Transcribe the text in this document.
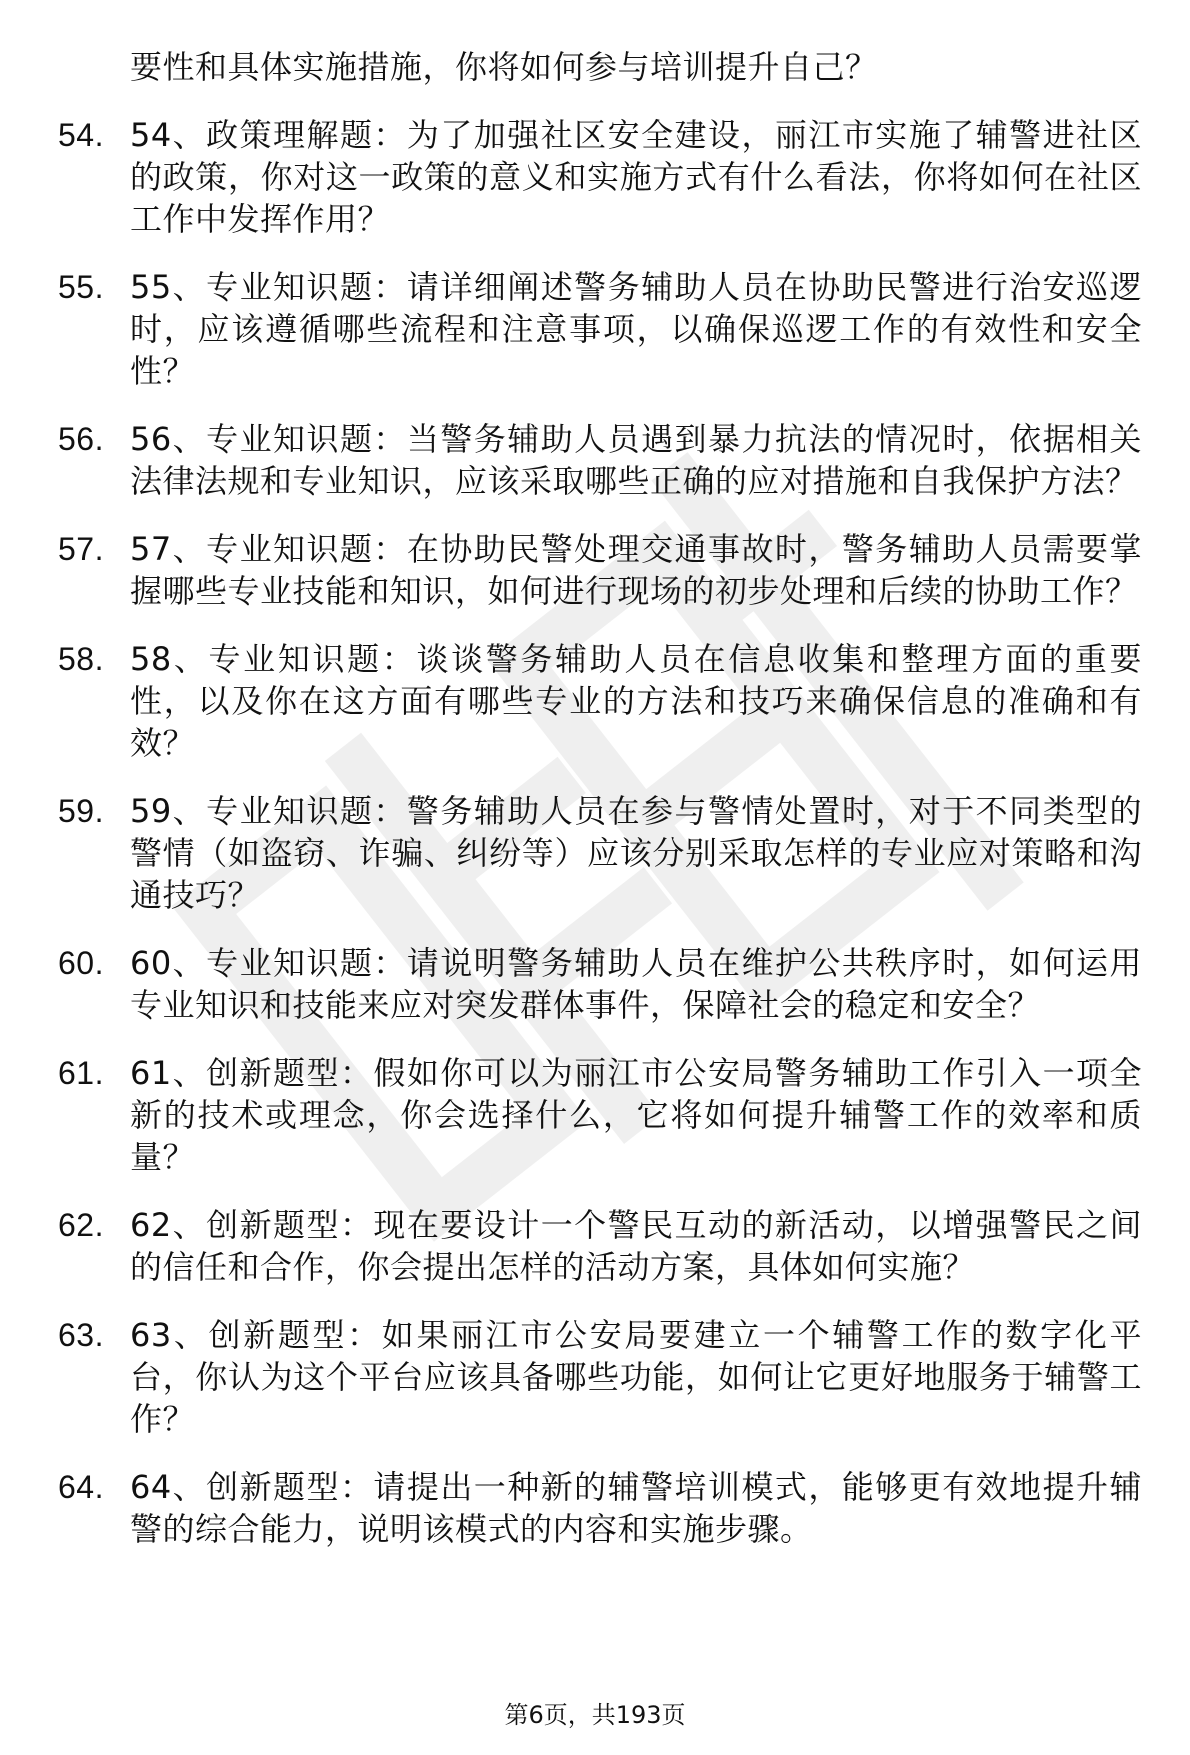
要性和具体实施措施，你将如何参与培训提升自己？

54. 54、政策理解题：为了加强社区安全建设，丽江市实施了辅警进社区的政策，你对这一政策的意义和实施方式有什么看法，你将如何在社区工作中发挥作用？
55. 55、专业知识题：请详细阐述警务辅助人员在协助民警进行治安巡逻时，应该遵循哪些流程和注意事项，以确保巡逻工作的有效性和安全性？
56. 56、专业知识题：当警务辅助人员遇到暴力抗法的情况时，依据相关法律法规和专业知识，应该采取哪些正确的应对措施和自我保护方法？
57. 57、专业知识题：在协助民警处理交通事故时，警务辅助人员需要掌握哪些专业技能和知识，如何进行现场的初步处理和后续的协助工作？
58. 58、专业知识题：谈谈警务辅助人员在信息收集和整理方面的重要性，以及你在这方面有哪些专业的方法和技巧来确保信息的准确和有效？
59. 59、专业知识题：警务辅助人员在参与警情处置时，对于不同类型的警情（如盗窃、诈骗、纠纷等）应该分别采取怎样的专业应对策略和沟通技巧？
60. 60、专业知识题：请说明警务辅助人员在维护公共秩序时，如何运用专业知识和技能来应对突发群体事件，保障社会的稳定和安全？
61. 61、创新题型：假如你可以为丽江市公安局警务辅助工作引入一项全新的技术或理念，你会选择什么，它将如何提升辅警工作的效率和质量？
62. 62、创新题型：现在要设计一个警民互动的新活动，以增强警民之间的信任和合作，你会提出怎样的活动方案，具体如何实施？
63. 63、创新题型：如果丽江市公安局要建立一个辅警工作的数字化平台，你认为这个平台应该具备哪些功能，如何让它更好地服务于辅警工作？
64. 64、创新题型：请提出一种新的辅警培训模式，能够更有效地提升辅警的综合能力，说明该模式的内容和实施步骤。
第6页，共193页
